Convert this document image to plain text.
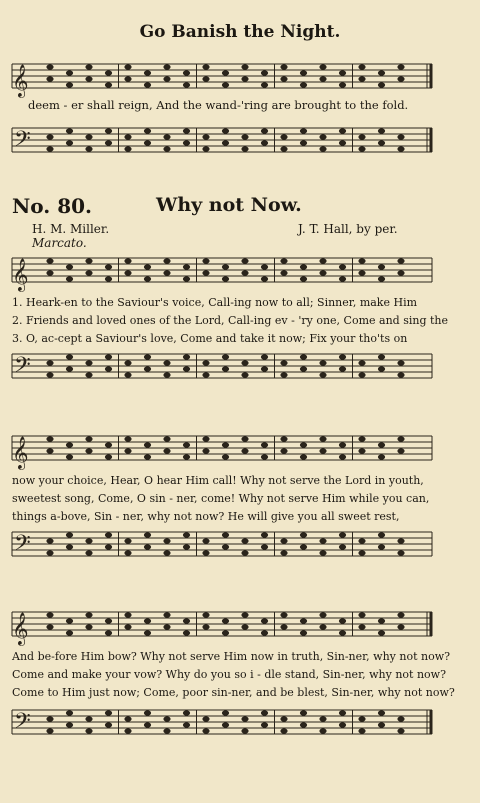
Go Banish the Night.
𝄞
deem - er shall reign, And the wand-'ring are brought to the fold.
𝄢
No. 80.	Why not Now.
H. M. Miller.	J. T. Hall, by per.
Marcato.
𝄞
1. Heark-en to the Saviour's voice, Call-ing now to all; Sinner, make Him
2. Friends and loved ones of the Lord, Call-ing ev - 'ry one, Come and sing the
3. O, ac-cept a Saviour's love, Come and take it now; Fix your tho'ts on
𝄢
𝄞
now your choice, Hear, O hear Him call! Why not serve the Lord in youth,
sweetest song, Come, O sin - ner, come! Why not serve Him while you can,
things a-bove, Sin - ner, why not now? He will give you all sweet rest,
𝄢
𝄞
And be-fore Him bow? Why not serve Him now in truth, Sin-ner, why not now?
Come and make your vow? Why do you so i - dle stand, Sin-ner, why not now?
Come to Him just now; Come, poor sin-ner, and be blest, Sin-ner, why not now?
𝄢
